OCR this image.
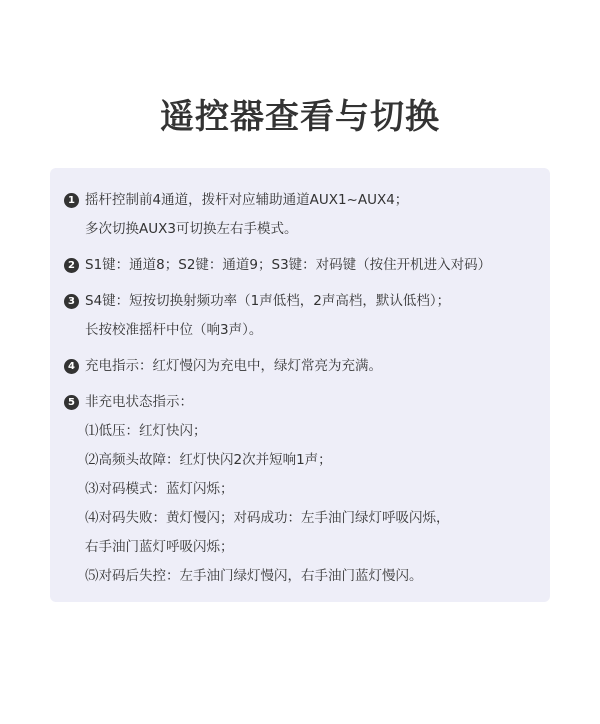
遥控器查看与切换
1 摇杆控制前4通道，拨杆对应辅助通道AUX1~AUX4；
多次切换AUX3可切换左右手模式。
2 S1键：通道8；S2键：通道9；S3键：对码键（按住开机进入对码）
3 S4键：短按切换射频功率（1声低档，2声高档，默认低档）；
长按校准摇杆中位（响3声）。
4 充电指示：红灯慢闪为充电中，绿灯常亮为充满。
5 非充电状态指示：
⑴低压：红灯快闪；
⑵高频头故障：红灯快闪2次并短响1声；
⑶对码模式：蓝灯闪烁；
⑷对码失败：黄灯慢闪；对码成功：左手油门绿灯呼吸闪烁，
右手油门蓝灯呼吸闪烁；
⑸对码后失控：左手油门绿灯慢闪，右手油门蓝灯慢闪。
